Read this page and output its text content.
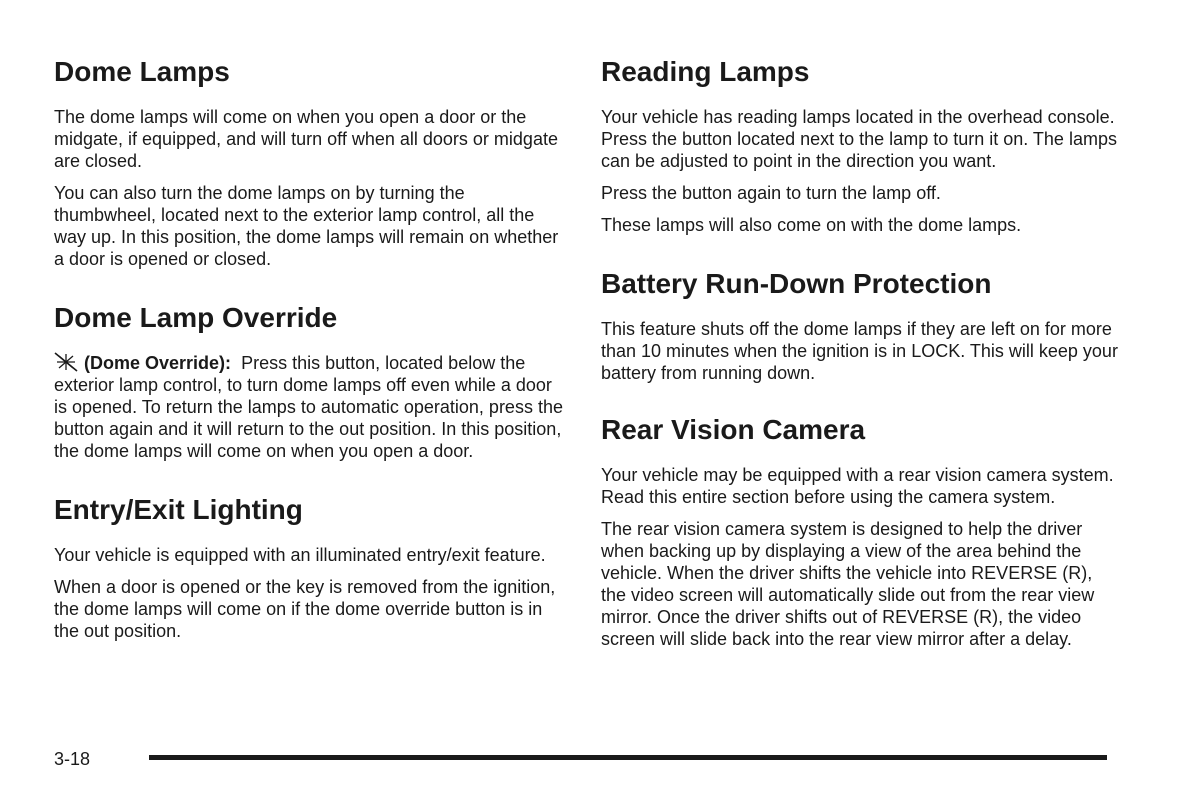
Dome Lamps

The dome lamps will come on when you open a door or the midgate, if equipped, and will turn off when all doors or midgate are closed.

You can also turn the dome lamps on by turning the thumbwheel, located next to the exterior lamp control, all the way up. In this position, the dome lamps will remain on whether a door is opened or closed.

Dome Lamp Override

(Dome Override): Press this button, located below the exterior lamp control, to turn dome lamps off even while a door is opened. To return the lamps to automatic operation, press the button again and it will return to the out position. In this position, the dome lamps will come on when you open a door.

Entry/Exit Lighting

Your vehicle is equipped with an illuminated entry/exit feature.

When a door is opened or the key is removed from the ignition, the dome lamps will come on if the dome override button is in the out position.

Reading Lamps

Your vehicle has reading lamps located in the overhead console. Press the button located next to the lamp to turn it on. The lamps can be adjusted to point in the direction you want.

Press the button again to turn the lamp off.

These lamps will also come on with the dome lamps.

Battery Run-Down Protection

This feature shuts off the dome lamps if they are left on for more than 10 minutes when the ignition is in LOCK. This will keep your battery from running down.

Rear Vision Camera

Your vehicle may be equipped with a rear vision camera system. Read this entire section before using the camera system.

The rear vision camera system is designed to help the driver when backing up by displaying a view of the area behind the vehicle. When the driver shifts the vehicle into REVERSE (R), the video screen will automatically slide out from the rear view mirror. Once the driver shifts out of REVERSE (R), the video screen will slide back into the rear view mirror after a delay.

3-18
